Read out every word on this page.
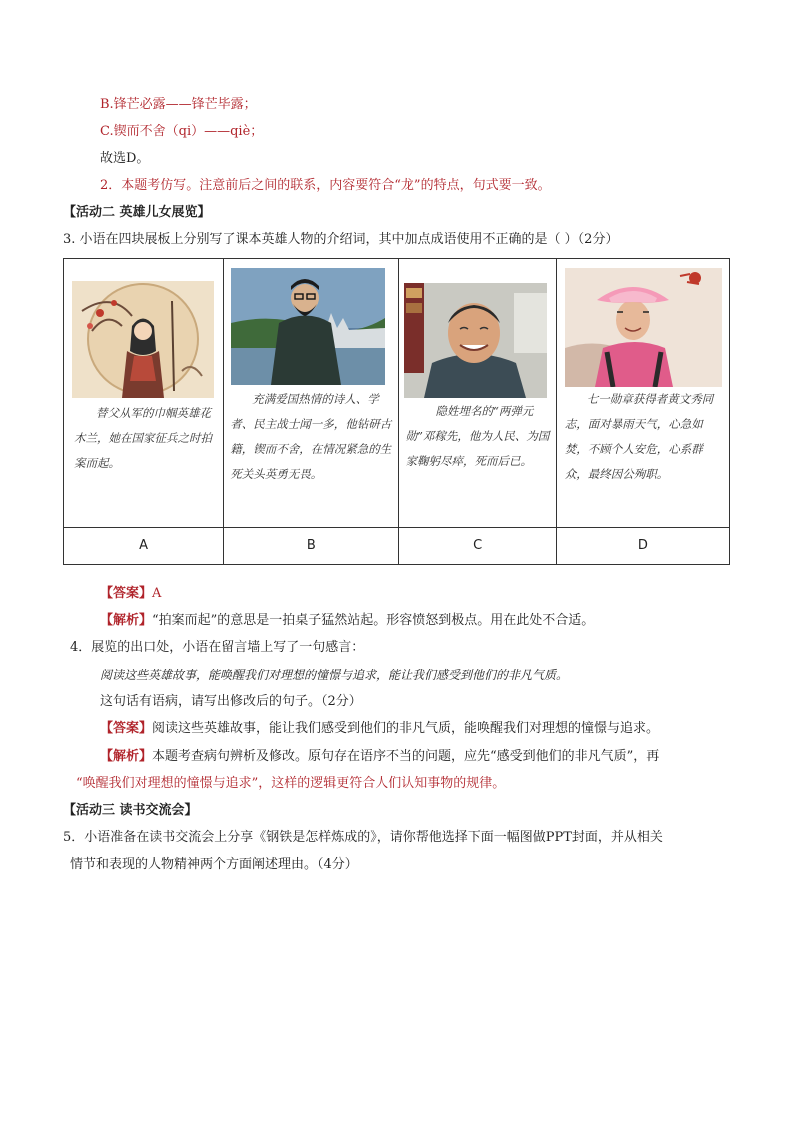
B.锋芒必露——锋芒毕露；
C.锲而不舍（qi）——qiè；
故选D。
2．本题考仿写。注意前后之间的联系，内容要符合“龙”的特点，句式要一致。
【活动二 英雄儿女展览】
3. 小语在四块展板上分别写了课本英雄人物的介绍词，其中加点成语使用不正确的是（ ）（2分）
替父从军的巾帼英雄花木兰，她在国家征兵之时拍案而起。	充满爱国热情的诗人、学者、民主战士闻一多，他钻研古籍，锲而不舍，在情况紧急的生死关头英勇无畏。	隐姓埋名的“两弹元勋”邓稼先，他为人民、为国家鞠躬尽瘁，死而后已。	七一勋章获得者黄文秀同志，面对暴雨天气，心急如焚，不顾个人安危，心系群众，最终因公殉职。

A	B	C	D
【答案】A
【解析】“拍案而起”的意思是一拍桌子猛然站起。形容愤怒到极点。用在此处不合适。
4．展览的出口处，小语在留言墙上写了一句感言：
阅读这些英雄故事，能唤醒我们对理想的憧憬与追求，能让我们感受到他们的非凡气质。
这句话有语病，请写出修改后的句子。（2分）
【答案】阅读这些英雄故事，能让我们感受到他们的非凡气质，能唤醒我们对理想的憧憬与追求。
【解析】本题考查病句辨析及修改。原句存在语序不当的问题，应先“感受到他们的非凡气质”，再
“唤醒我们对理想的憧憬与追求”，这样的逻辑更符合人们认知事物的规律。
【活动三 读书交流会】
5．小语准备在读书交流会上分享《钢铁是怎样炼成的》，请你帮他选择下面一幅图做PPT封面，并从相关
情节和表现的人物精神两个方面阐述理由。（4分）
